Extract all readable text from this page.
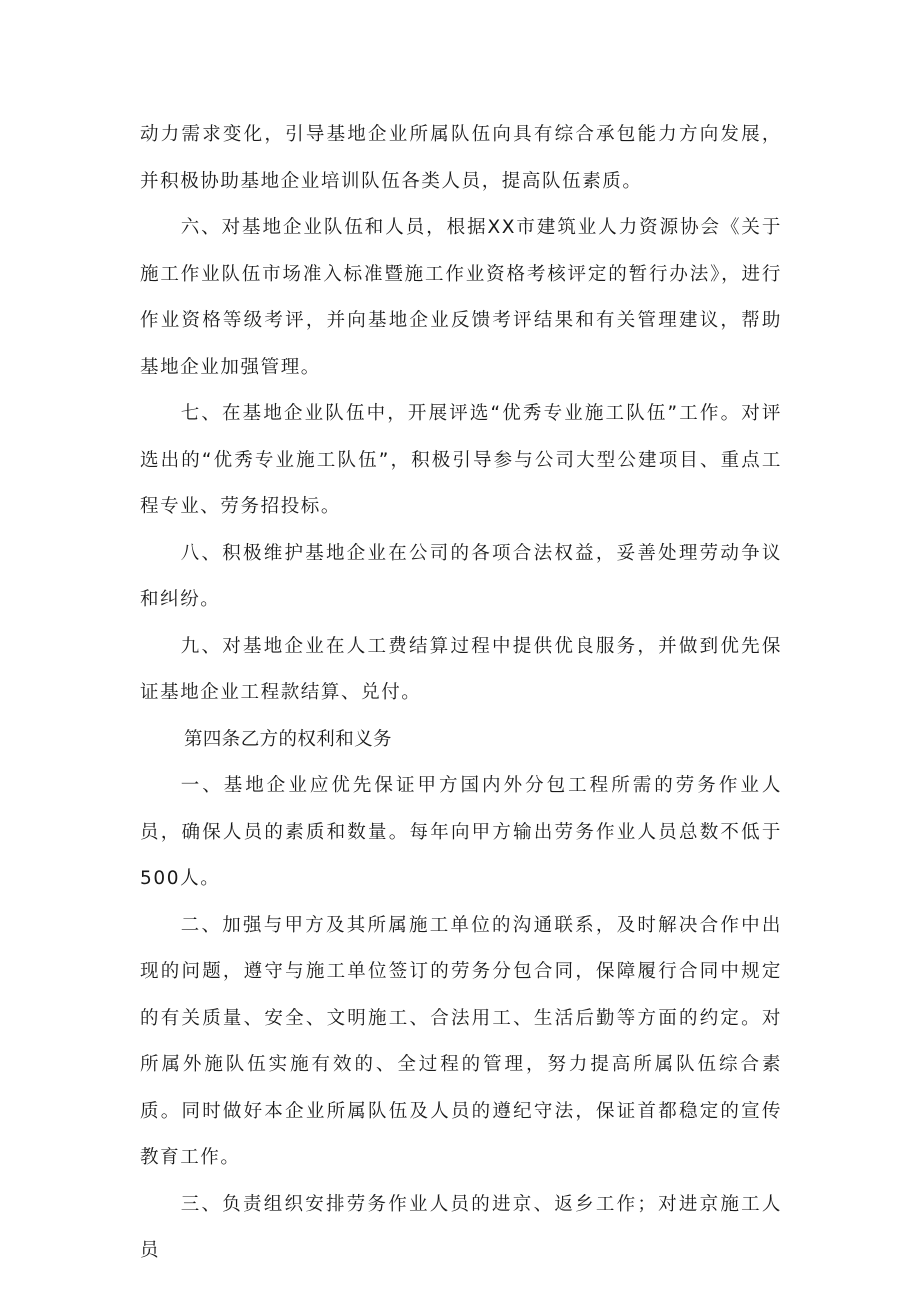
动力需求变化，引导基地企业所属队伍向具有综合承包能力方向发展，并积极协助基地企业培训队伍各类人员，提高队伍素质。

六、对基地企业队伍和人员，根据XX市建筑业人力资源协会《关于施工作业队伍市场准入标准暨施工作业资格考核评定的暂行办法》，进行作业资格等级考评，并向基地企业反馈考评结果和有关管理建议，帮助基地企业加强管理。

七、在基地企业队伍中，开展评选“优秀专业施工队伍”工作。对评选出的“优秀专业施工队伍”，积极引导参与公司大型公建项目、重点工程专业、劳务招投标。

八、积极维护基地企业在公司的各项合法权益，妥善处理劳动争议和纠纷。

九、对基地企业在人工费结算过程中提供优良服务，并做到优先保证基地企业工程款结算、兑付。

第四条乙方的权利和义务

一、基地企业应优先保证甲方国内外分包工程所需的劳务作业人员，确保人员的素质和数量。每年向甲方输出劳务作业人员总数不低于500人。

二、加强与甲方及其所属施工单位的沟通联系，及时解决合作中出现的问题，遵守与施工单位签订的劳务分包合同，保障履行合同中规定的有关质量、安全、文明施工、合法用工、生活后勤等方面的约定。对所属外施队伍实施有效的、全过程的管理，努力提高所属队伍综合素质。同时做好本企业所属队伍及人员的遵纪守法，保证首都稳定的宣传教育工作。

三、负责组织安排劳务作业人员的进京、返乡工作；对进京施工人员
